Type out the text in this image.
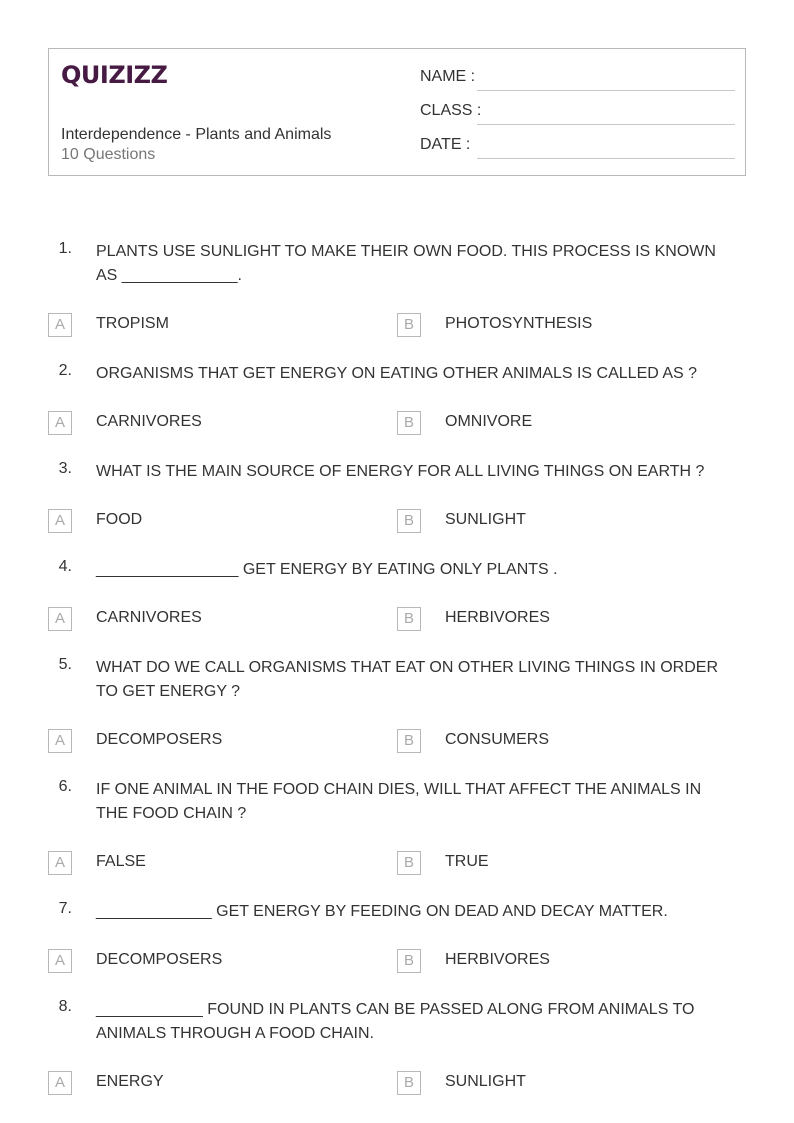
QUIZIZZ
Interdependence - Plants and Animals
10 Questions
NAME :
CLASS :
DATE :
1. PLANTS USE SUNLIGHT TO MAKE THEIR OWN FOOD. THIS PROCESS IS KNOWN AS _____________.
A	TROPISM	B	PHOTOSYNTHESIS
2. ORGANISMS THAT GET ENERGY ON EATING OTHER ANIMALS IS CALLED AS ?
A	CARNIVORES	B	OMNIVORE
3. WHAT IS THE MAIN SOURCE OF ENERGY FOR ALL LIVING THINGS ON EARTH ?
A	FOOD	B	SUNLIGHT
4. ________________ GET ENERGY BY EATING ONLY PLANTS .
A	CARNIVORES	B	HERBIVORES
5. WHAT DO WE CALL ORGANISMS THAT EAT ON OTHER LIVING THINGS IN ORDER TO GET ENERGY ?
A	DECOMPOSERS	B	CONSUMERS
6. IF ONE ANIMAL IN THE FOOD CHAIN DIES, WILL THAT AFFECT THE ANIMALS IN THE FOOD CHAIN ?
A	FALSE	B	TRUE
7. _____________ GET ENERGY BY FEEDING ON DEAD AND DECAY MATTER.
A	DECOMPOSERS	B	HERBIVORES
8. ____________ FOUND IN PLANTS CAN BE PASSED ALONG FROM ANIMALS TO ANIMALS THROUGH A FOOD CHAIN.
A	ENERGY	B	SUNLIGHT
